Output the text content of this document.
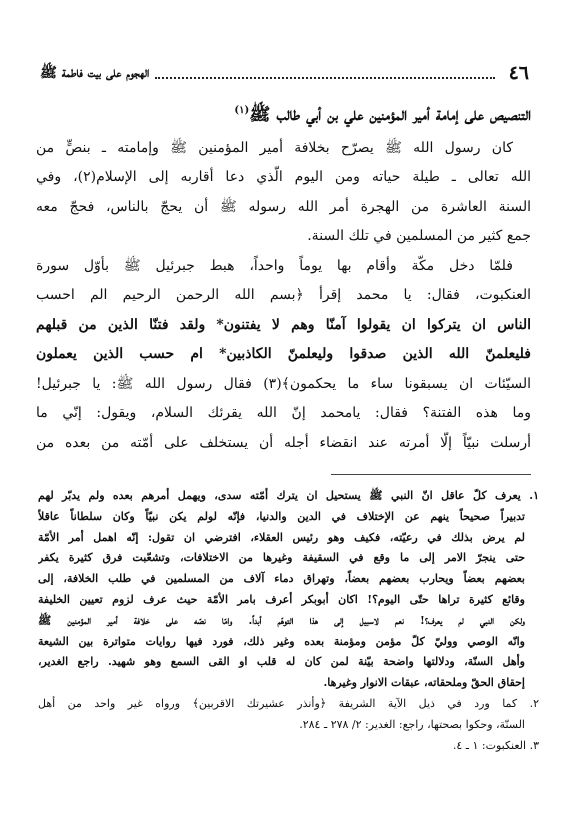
٤٦
الهجوم على بيت فاطمة ﷺ
التنصيص على إمامة أمير المؤمنين علي بن أبي طالب ﷺ$^{(١)}$
كان رسول الله ﷺ يصرّح بخلافة أمير المؤمنين ﷺ وإمامته ـ بنصٍّ من
الله تعالى ـ طيلة حياته ومن اليوم الّذي دعا أقاربه إلى الإسلام(٢)، وفي
السنة العاشرة من الهجرة أمر الله رسوله ﷺ أن يحجّ بالناس، فحجّ معه
جمع كثير من المسلمين في تلك السنة.
فلمّا دخل مكّة وأقام بها يوماً واحداً، هبط جبرئيل ﷺ بأوّل سورة
العنكبوت، فقال: يا محمد إقرأ ﴿بسم الله الرحمن الرحيم الم احسب
الناس ان يتركوا ان يقولوا آمنّا وهم لا يفتنون* ولقد فتنّا الذين من قبلهم
فليعلمنّ الله الذين صدقوا وليعلمنّ الكاذبين* ام حسب الذين يعملون
السيّئات ان يسبقونا ساء ما يحكمون﴾(٣) فقال رسول الله ﷺ: يا جبرئيل!
وما هذه الفتنة؟ فقال: يامحمد إنّ الله يقرئك السلام، ويقول: إنّي ما
أرسلت نبيّاً إلّا أمرته عند انقضاء أجله أن يستخلف على أمّته من بعده من
١. يعرف كلّ عاقل انّ النبي ﷺ يستحيل ان يترك أمّته سدى، ويهمل أمرهم بعده ولم يدبّر لهم
تدبيراً صحيحاً ينهم عن الإختلاف في الدين والدنيا، فإنّه لولم يكن نبيّاً وكان سلطاناً عاقلاً
لم يرض بذلك في رعيّته، فكيف وهو رئيس العقلاء، افترضي ان تقول: إنّه اهمل أمر الأمّة
حتى ينجرّ الامر إلى ما وقع في السقيفة وغيرها من الاختلافات، وتشعّبت فرق كثيرة يكفر
بعضهم بعضاً ويحارب بعضهم بعضاً، وتهراق دماء آلاف من المسلمين في طلب الخلافة، إلى
وقائع كثيرة تراها حتّى اليوم؟! اكان أبوبكر أعرف بامر الأمّة حيث عرف لزوم تعيين الخليفة
ولكن النبي لم يعرف؟! نعم لاسبيل إلى هذا التوهّم أبداً. وامّا نصّه على خلافة أمير المؤمنين ﷺ
وانّه الوصي ووليّ كلّ مؤمن ومؤمنة بعده وغير ذلك، فورد فيها روايات متواترة بين الشيعة
وأهل السنّة، ودلالتها واضحة بيّنة لمن كان له قلب او القى السمع وهو شهيد. راجع الغدير،
إحقاق الحقّ وملحقاته، عبقات الانوار وغيرها.
٢. كما ورد في ذيل الآية الشريفة ﴿وأنذر عشيرتك الاقربين﴾ ورواه غير واحد من أهل
السنّة، وحكوا بصحتها، راجع: الغدير: ٢/ ٢٧٨ ـ ٢٨٤.
٣. العنكبوت: ١ ـ ٤.
